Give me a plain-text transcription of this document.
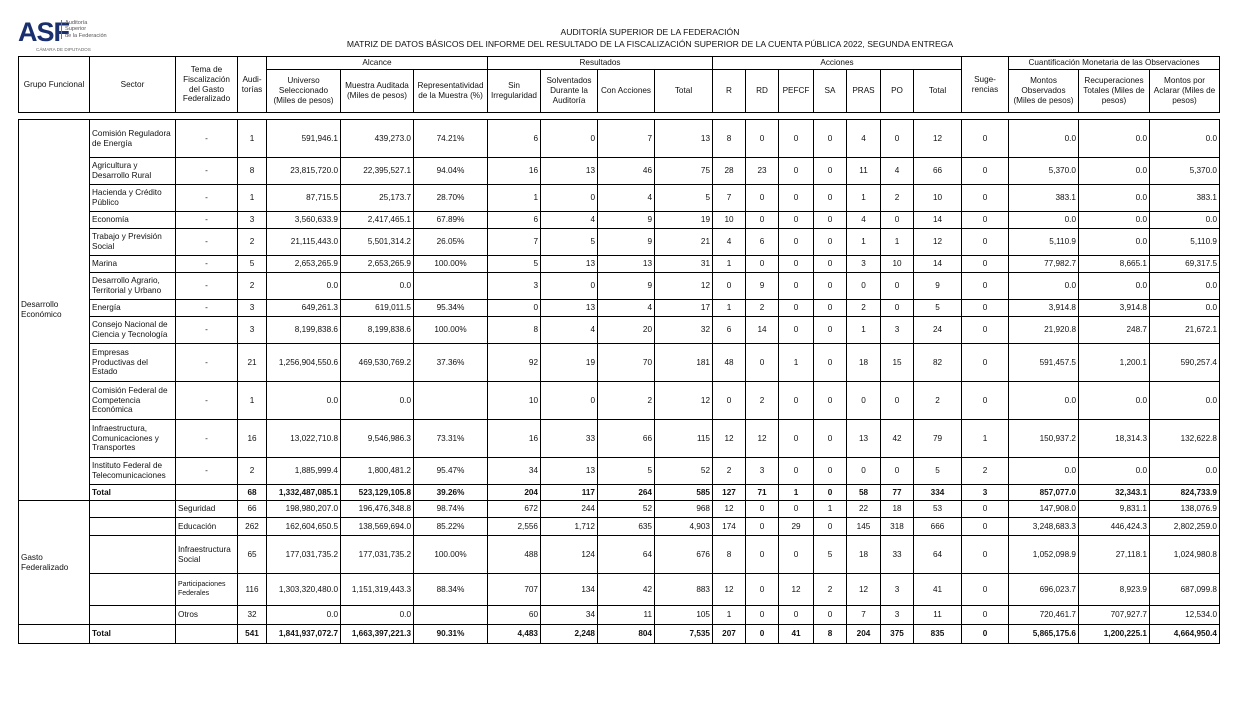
ASF
Auditoría
Superior
de la Federación
CÁMARA DE DIPUTADOS
AUDITORÍA SUPERIOR DE LA FEDERACIÓN
MATRIZ DE DATOS BÁSICOS DEL INFORME DEL RESULTADO DE LA FISCALIZACIÓN SUPERIOR DE LA CUENTA PÚBLICA 2022, SEGUNDA ENTREGA
Grupo Funcional	Sector	Tema de Fiscalización del Gasto Federalizado	Audi-torías	Alcance			Resultados				Acciones							Suge-rencias	Cuantificación Monetaria de las Observaciones		
				Universo Seleccionado (Miles de pesos)	Muestra Auditada (Miles de pesos)	Representatividad de la Muestra (%)	Sin Irregularidad	Solventados Durante la Auditoría	Con Acciones	Total	R	RD	PEFCF	SA	PRAS	PO	Total		Montos Observados (Miles de pesos)	Recuperaciones Totales (Miles de pesos)	Montos por Aclarar (Miles de pesos)

Desarrollo Económico	Comisión Reguladora de Energía	-	1	591,946.1	439,273.0	74.21%	6	0	7	13	8	0	0	0	4	0	12	0	0.0	0.0	0.0
	Agricultura y Desarrollo Rural	-	8	23,815,720.0	22,395,527.1	94.04%	16	13	46	75	28	23	0	0	11	4	66	0	5,370.0	0.0	5,370.0
	Hacienda y Crédito Público	-	1	87,715.5	25,173.7	28.70%	1	0	4	5	7	0	0	0	1	2	10	0	383.1	0.0	383.1
	Economía	-	3	3,560,633.9	2,417,465.1	67.89%	6	4	9	19	10	0	0	0	4	0	14	0	0.0	0.0	0.0
	Trabajo y Previsión Social	-	2	21,115,443.0	5,501,314.2	26.05%	7	5	9	21	4	6	0	0	1	1	12	0	5,110.9	0.0	5,110.9
	Marina	-	5	2,653,265.9	2,653,265.9	100.00%	5	13	13	31	1	0	0	0	3	10	14	0	77,982.7	8,665.1	69,317.5
	Desarrollo Agrario, Territorial y Urbano	-	2	0.0	0.0		3	0	9	12	0	9	0	0	0	0	9	0	0.0	0.0	0.0
	Energía	-	3	649,261.3	619,011.5	95.34%	0	13	4	17	1	2	0	0	2	0	5	0	3,914.8	3,914.8	0.0
	Consejo Nacional de Ciencia y Tecnología	-	3	8,199,838.6	8,199,838.6	100.00%	8	4	20	32	6	14	0	0	1	3	24	0	21,920.8	248.7	21,672.1
	Empresas Productivas del Estado	-	21	1,256,904,550.6	469,530,769.2	37.36%	92	19	70	181	48	0	1	0	18	15	82	0	591,457.5	1,200.1	590,257.4
	Comisión Federal de Competencia Económica	-	1	0.0	0.0		10	0	2	12	0	2	0	0	0	0	2	0	0.0	0.0	0.0
	Infraestructura, Comunicaciones y Transportes	-	16	13,022,710.8	9,546,986.3	73.31%	16	33	66	115	12	12	0	0	13	42	79	1	150,937.2	18,314.3	132,622.8
	Instituto Federal de Telecomunicaciones	-	2	1,885,999.4	1,800,481.2	95.47%	34	13	5	52	2	3	0	0	0	0	5	2	0.0	0.0	0.0
	Total		68	1,332,487,085.1	523,129,105.8	39.26%	204	117	264	585	127	71	1	0	58	77	334	3	857,077.0	32,343.1	824,733.9
Gasto Federalizado		Seguridad	66	198,980,207.0	196,476,348.8	98.74%	672	244	52	968	12	0	0	1	22	18	53	0	147,908.0	9,831.1	138,076.9
		Educación	262	162,604,650.5	138,569,694.0	85.22%	2,556	1,712	635	4,903	174	0	29	0	145	318	666	0	3,248,683.3	446,424.3	2,802,259.0
		Infraestructura Social	65	177,031,735.2	177,031,735.2	100.00%	488	124	64	676	8	0	0	5	18	33	64	0	1,052,098.9	27,118.1	1,024,980.8
		Participaciones Federales	116	1,303,320,480.0	1,151,319,443.3	88.34%	707	134	42	883	12	0	12	2	12	3	41	0	696,023.7	8,923.9	687,099.8
		Otros	32	0.0	0.0		60	34	11	105	1	0	0	0	7	3	11	0	720,461.7	707,927.7	12,534.0
	Total		541	1,841,937,072.7	1,663,397,221.3	90.31%	4,483	2,248	804	7,535	207	0	41	8	204	375	835	0	5,865,175.6	1,200,225.1	4,664,950.4
